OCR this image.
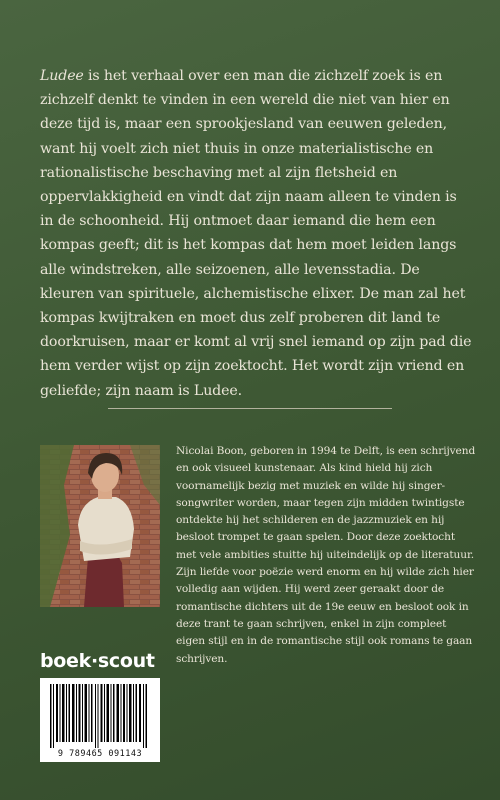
Ludee is het verhaal over een man die zichzelf zoek is en zichzelf denkt te vinden in een wereld die niet van hier en deze tijd is, maar een sprookjesland van eeuwen geleden, want hij voelt zich niet thuis in onze materialistische en rationalistische beschaving met al zijn fletsheid en oppervlakkigheid en vindt dat zijn naam alleen te vinden is in de schoonheid. Hij ontmoet daar iemand die hem een kompas geeft; dit is het kompas dat hem moet leiden langs alle windstreken, alle seizoenen, alle levensstadia. De kleuren van spirituele, alchemistische elixer. De man zal het kompas kwijtraken en moet dus zelf proberen dit land te doorkruisen, maar er komt al vrij snel iemand op zijn pad die hem verder wijst op zijn zoektocht. Het wordt zijn vriend en geliefde; zijn naam is Ludee.

Nicolai Boon, geboren in 1994 te Delft, is een schrijvend en ook visueel kunstenaar. Als kind hield hij zich voornamelijk bezig met muziek en wilde hij singer-songwriter worden, maar tegen zijn midden twintigste ontdekte hij het schilderen en de jazzmuziek en hij besloot trompet te gaan spelen. Door deze zoektocht met vele ambities stuitte hij uiteindelijk op de literatuur. Zijn liefde voor poëzie werd enorm en hij wilde zich hier volledig aan wijden. Hij werd zeer geraakt door de romantische dichters uit de 19e eeuw en besloot ook in deze trant te gaan schrijven, enkel in zijn compleet eigen stijl en in de romantische stijl ook romans te gaan schrijven.

boek·scout
9 789465 091143
